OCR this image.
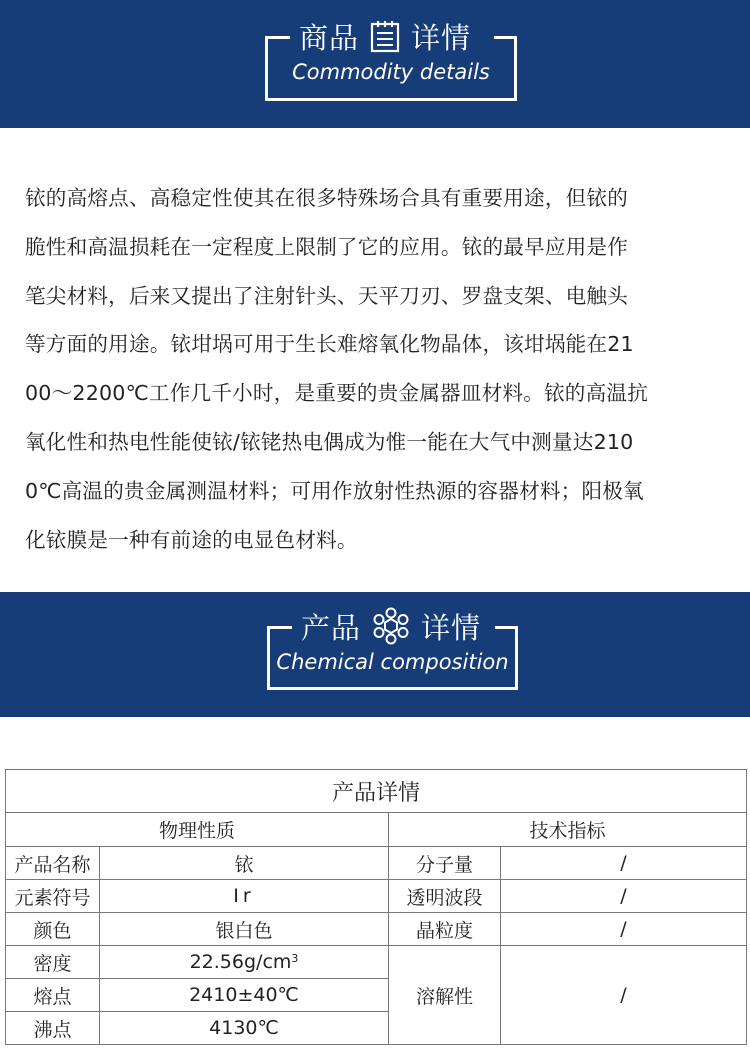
商品 详情
Commodity details
铱的高熔点、高稳定性使其在很多特殊场合具有重要用途，但铱的
脆性和高温损耗在一定程度上限制了它的应用。铱的最早应用是作
笔尖材料，后来又提出了注射针头、天平刀刃、罗盘支架、电触头
等方面的用途。铱坩埚可用于生长难熔氧化物晶体，该坩埚能在21
00～2200℃工作几千小时，是重要的贵金属器皿材料。铱的高温抗
氧化性和热电性能使铱/铱铑热电偶成为惟一能在大气中测量达210
0℃高温的贵金属测温材料；可用作放射性热源的容器材料；阳极氧
化铱膜是一种有前途的电显色材料。
产品 详情
Chemical composition
产品详情			
物理性质		技术指标	
产品名称	铱	分子量	/
元素符号	Ir	透明波段	/
颜色	银白色	晶粒度	/
密度	$22.56g/cm^3$	溶解性	/
熔点	2410±40℃		
沸点	4130℃		
